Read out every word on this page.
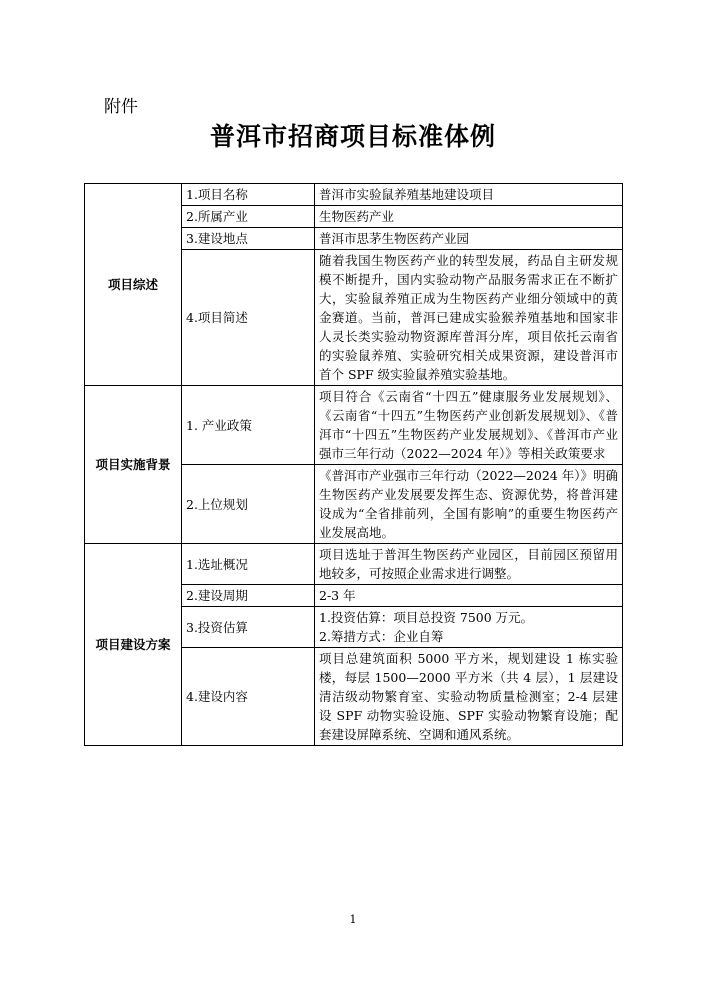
附件
普洱市招商项目标准体例
项目综述	1.项目名称	普洱市实验鼠养殖基地建设项目

	2.所属产业	生物医药产业

	3.建设地点	普洱市思茅生物医药产业园

	4.项目简述	随着我国生物医药产业的转型发展，药品自主研发规模不断提升，国内实验动物产品服务需求正在不断扩大，实验鼠养殖正成为生物医药产业细分领域中的黄金赛道。当前，普洱已建成实验猴养殖基地和国家非人灵长类实验动物资源库普洱分库，项目依托云南省的实验鼠养殖、实验研究相关成果资源，建设普洱市首个 SPF 级实验鼠养殖实验基地。

项目实施背景	1. 产业政策	项目符合《云南省“十四五”健康服务业发展规划》、《云南省“十四五”生物医药产业创新发展规划》、《普洱市“十四五”生物医药产业发展规划》、《普洱市产业强市三年行动（2022—2024 年）》等相关政策要求

	2.上位规划	《普洱市产业强市三年行动（2022—2024 年）》明确生物医药产业发展要发挥生态、资源优势，将普洱建设成为“全省排前列，全国有影响”的重要生物医药产业发展高地。

项目建设方案	1.选址概况	项目选址于普洱生物医药产业园区，目前园区预留用地较多，可按照企业需求进行调整。

	2.建设周期	2-3 年

	3.投资估算	1.投资估算：项目总投资 7500 万元。

2.筹措方式：企业自筹

	4.建设内容	项目总建筑面积 5000 平方米，规划建设 1 栋实验楼，每层 1500—2000 平方米（共 4 层），1 层建设清洁级动物繁育室、实验动物质量检测室；2-4 层建设 SPF 动物实验设施、SPF 实验动物繁育设施；配套建设屏障系统、空调和通风系统。

1
